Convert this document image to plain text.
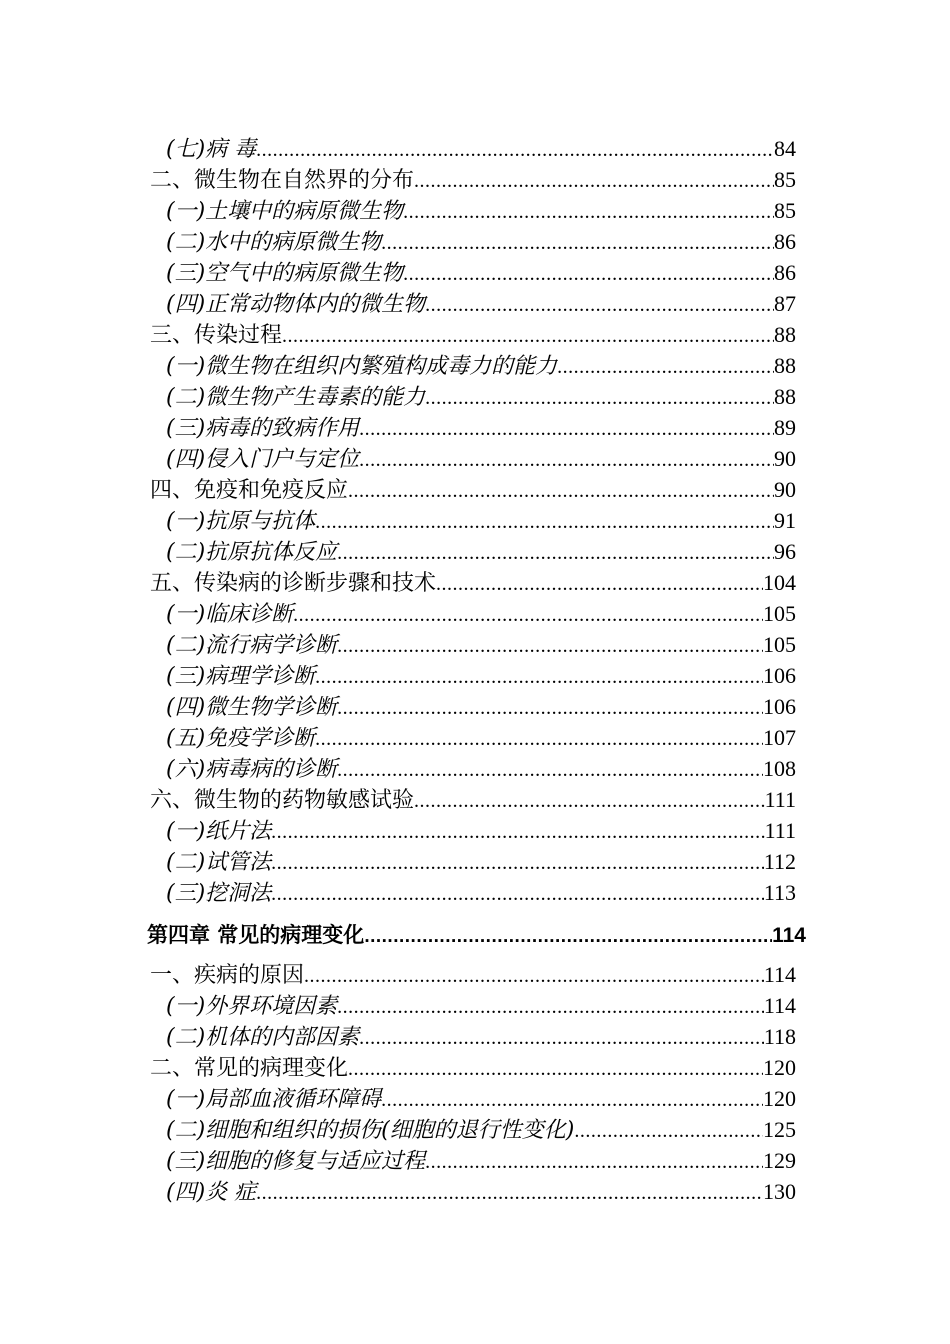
(七)病 毒 .....	84
二、微生物在自然界的分布 .....	85
(一)土壤中的病原微生物 .....	85
(二)水中的病原微生物 .....	86
(三)空气中的病原微生物 .....	86
(四)正常动物体内的微生物 .....	87
三、传染过程 .....	88
(一)微生物在组织内繁殖构成毒力的能力 .....	88
(二)微生物产生毒素的能力 .....	88
(三)病毒的致病作用 .....	89
(四)侵入门户与定位 .....	90
四、免疫和免疫反应 .....	90
(一)抗原与抗体 .....	91
(二)抗原抗体反应 .....	96
五、传染病的诊断步骤和技术 .....	104
(一)临床诊断 .....	105
(二)流行病学诊断 .....	105
(三)病理学诊断 .....	106
(四)微生物学诊断 .....	106
(五)免疫学诊断 .....	107
(六)病毒病的诊断 .....	108
六、微生物的药物敏感试验 .....	111
(一)纸片法 .....	111
(二)试管法 .....	112
(三)挖洞法 .....	113
第四章 常见的病理变化 .....	114
一、疾病的原因 .....	114
(一)外界环境因素 .....	114
(二)机体的内部因素 .....	118
二、常见的病理变化 .....	120
(一)局部血液循环障碍 .....	120
(二)细胞和组织的损伤(细胞的退行性变化) .....	125
(三)细胞的修复与适应过程 .....	129
(四)炎 症 .....	130
